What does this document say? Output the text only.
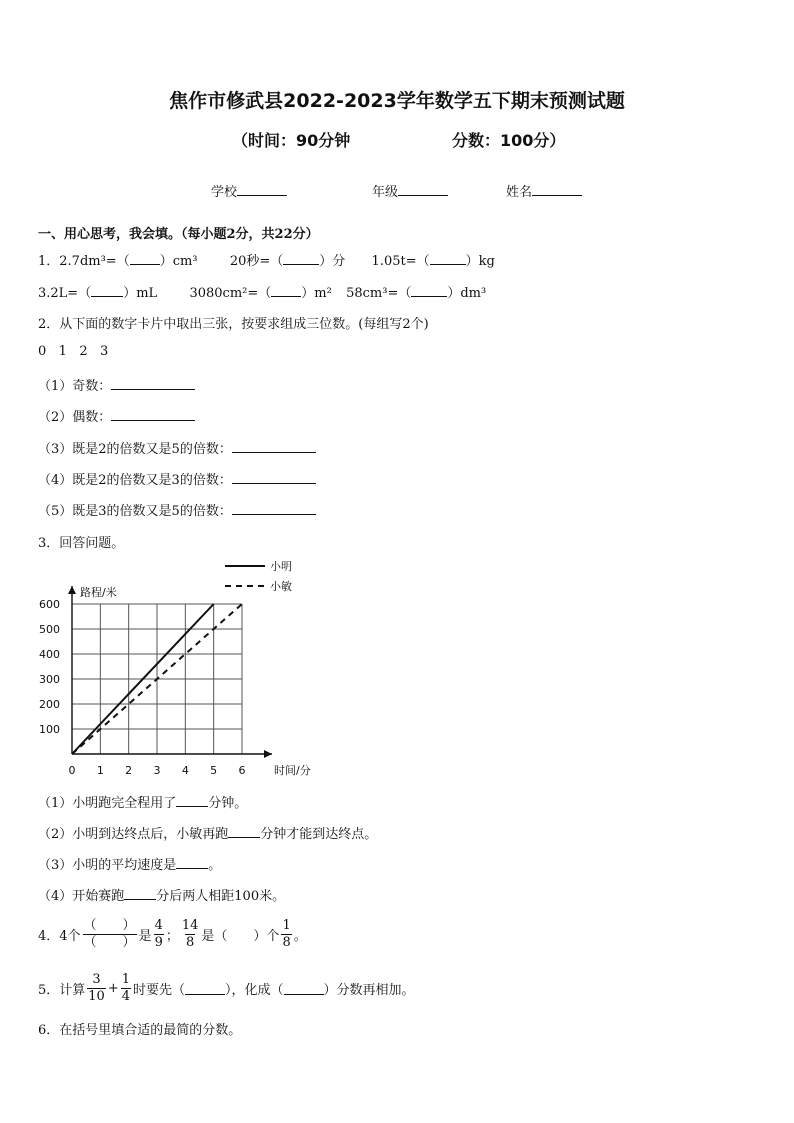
焦作市修武县2022-2023学年数学五下期末预测试题
（时间：90分钟	分数：100分）
学校	年级	姓名
一、用心思考，我会填。（每小题2分，共22分）
1．2.7dm³=（ ）cm³ 20秒=（	）分 1.05t=（	）kg
3.2L=（ ）mL 3080cm²=（ ）m² 58cm³=（	）dm³
2．从下面的数字卡片中取出三张，按要求组成三位数。(每组写2个)
0   1   2   3
（1）奇数：
（2）偶数：
（3）既是2的倍数又是5的倍数：
（4）既是2的倍数又是3的倍数：
（5）既是3的倍数又是5的倍数：
3．回答问题。
0 1 2 3 4 5 6
100
200
300
400
500
600
时间/分
路程/米
小明
小敏
（1）小明跑完全程用了 分钟。
（2）小明到达终点后，小敏再跑 分钟才能到达终点。
（3）小明的平均速度是 。
（4）开始赛跑 分后两人相距100米。
4．4个 $\frac{( )}{( )}$ 是 $\frac{4}{9}$ ； $\frac{14}{8}$ 是（　　）个 $\frac{1}{8}$ 。
5．计算 $\frac{3}{10} + \frac{1}{4}$ 时要先（	），化成（	）分数再相加。
6．在括号里填合适的最简的分数。
